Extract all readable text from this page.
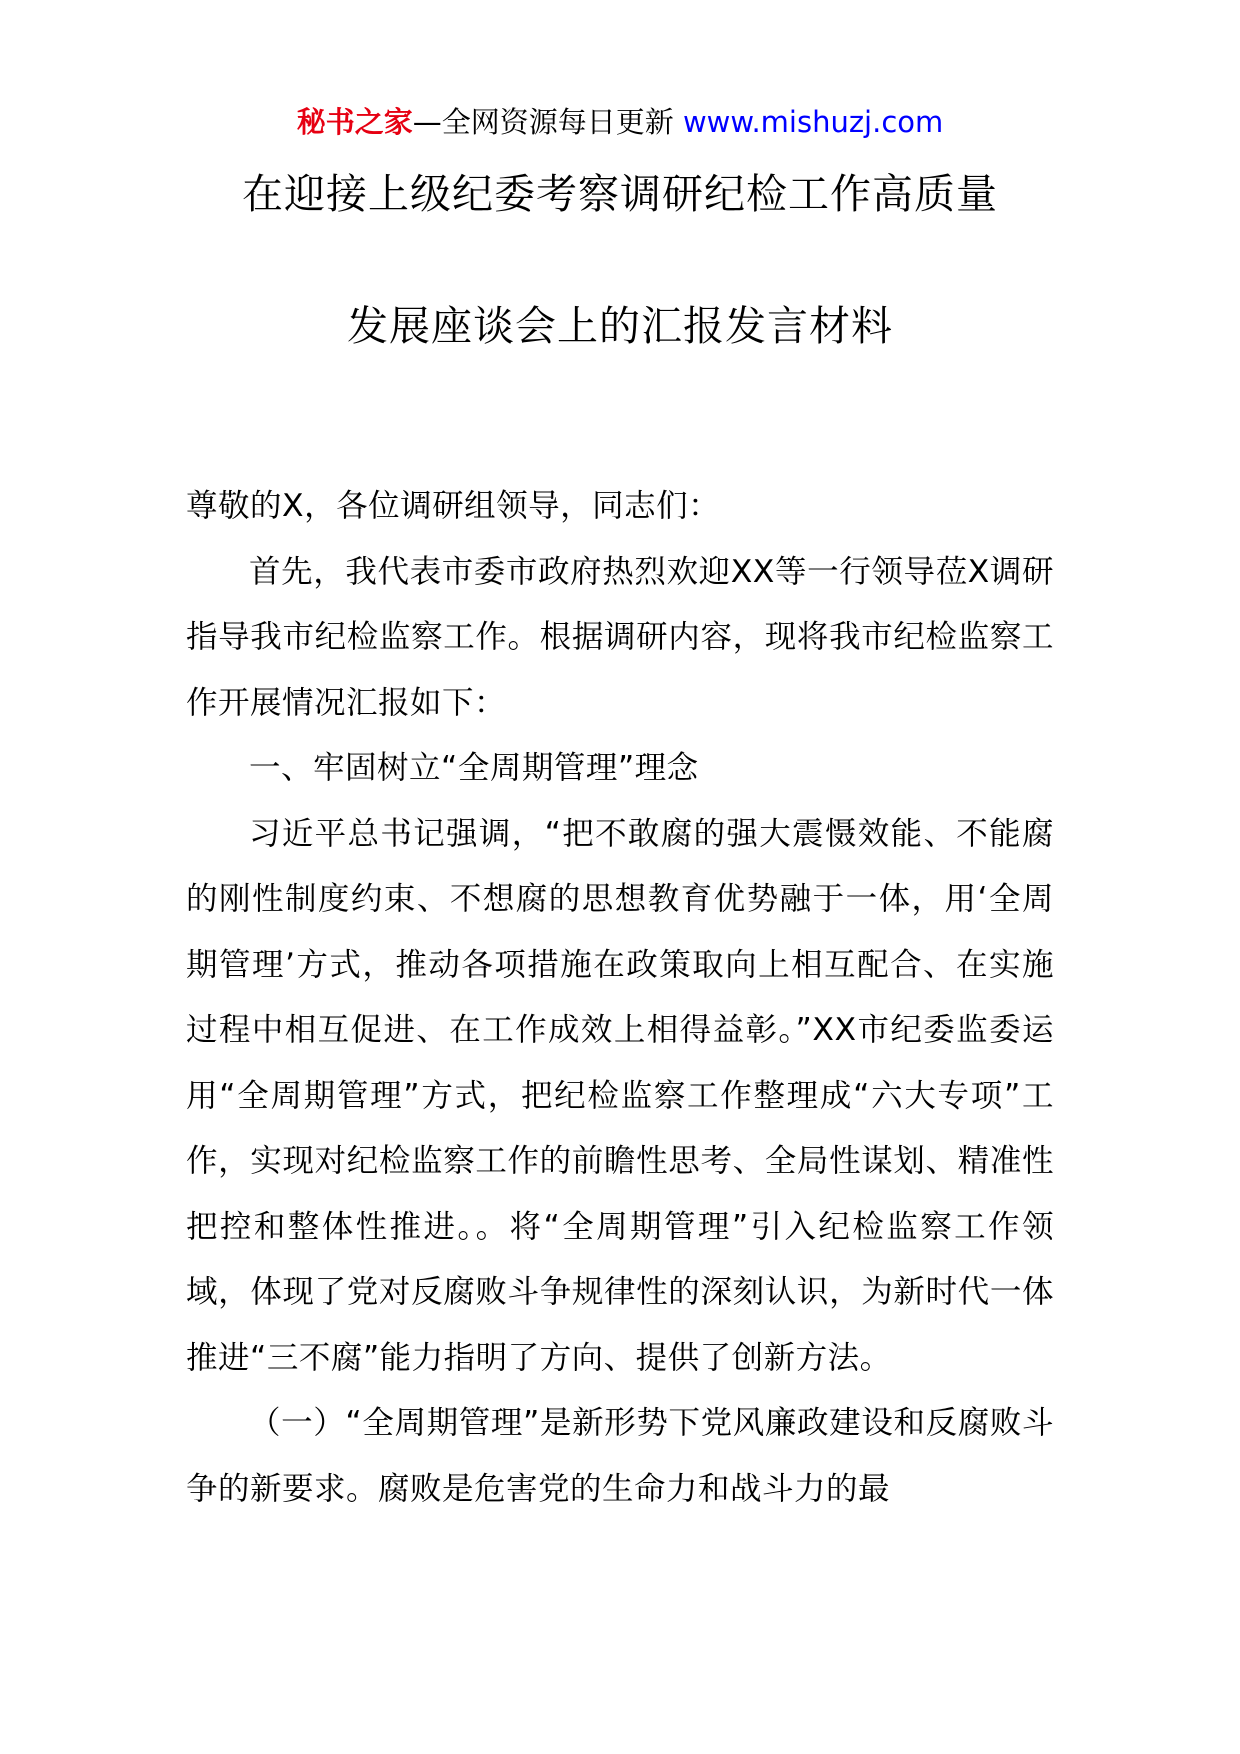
秘书之家—全网资源每日更新 www.mishuzj.com
在迎接上级纪委考察调研纪检工作高质量
发展座谈会上的汇报发言材料

尊敬的X，各位调研组领导，同志们：

首先，我代表市委市政府热烈欢迎XX等一行领导莅X调研指导我市纪检监察工作。根据调研内容，现将我市纪检监察工作开展情况汇报如下：

一、牢固树立“全周期管理”理念

习近平总书记强调，“把不敢腐的强大震慑效能、不能腐的刚性制度约束、不想腐的思想教育优势融于一体，用‘全周期管理’方式，推动各项措施在政策取向上相互配合、在实施过程中相互促进、在工作成效上相得益彰。”XX市纪委监委运用“全周期管理”方式，把纪检监察工作整理成“六大专项”工作，实现对纪检监察工作的前瞻性思考、全局性谋划、精准性把控和整体性推进。。将“全周期管理”引入纪检监察工作领域，体现了党对反腐败斗争规律性的深刻认识，为新时代一体推进“三不腐”能力指明了方向、提供了创新方法。

（一）“全周期管理”是新形势下党风廉政建设和反腐败斗争的新要求。腐败是危害党的生命力和战斗力的最
